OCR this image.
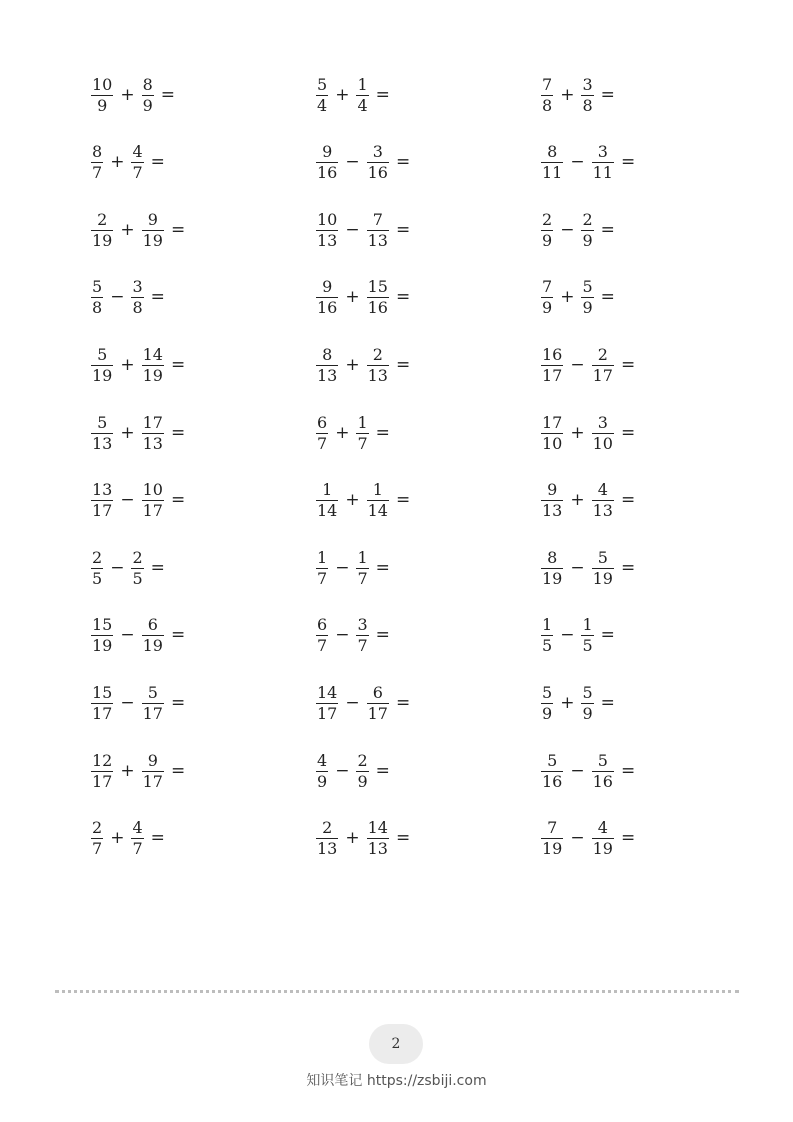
$\frac{10}{9} + \frac{8}{9}$ =	$\frac{5}{4} + \frac{1}{4}$ =	$\frac{7}{8} + \frac{3}{8}$ =
$\frac{8}{7} + \frac{4}{7}$ =	$\frac{9}{16} - \frac{3}{16}$ =	$\frac{8}{11} - \frac{3}{11}$ =
$\frac{2}{19} + \frac{9}{19}$ =	$\frac{10}{13} - \frac{7}{13}$ =	$\frac{2}{9} - \frac{2}{9}$ =
$\frac{5}{8} - \frac{3}{8}$ =	$\frac{9}{16} + \frac{15}{16}$ =	$\frac{7}{9} + \frac{5}{9}$ =
$\frac{5}{19} + \frac{14}{19}$ =	$\frac{8}{13} + \frac{2}{13}$ =	$\frac{16}{17} - \frac{2}{17}$ =
$\frac{5}{13} + \frac{17}{13}$ =	$\frac{6}{7} + \frac{1}{7}$ =	$\frac{17}{10} + \frac{3}{10}$ =
$\frac{13}{17} - \frac{10}{17}$ =	$\frac{1}{14} + \frac{1}{14}$ =	$\frac{9}{13} + \frac{4}{13}$ =
$\frac{2}{5} - \frac{2}{5}$ =	$\frac{1}{7} - \frac{1}{7}$ =	$\frac{8}{19} - \frac{5}{19}$ =
$\frac{15}{19} - \frac{6}{19}$ =	$\frac{6}{7} - \frac{3}{7}$ =	$\frac{1}{5} - \frac{1}{5}$ =
$\frac{15}{17} - \frac{5}{17}$ =	$\frac{14}{17} - \frac{6}{17}$ =	$\frac{5}{9} + \frac{5}{9}$ =
$\frac{12}{17} + \frac{9}{17}$ =	$\frac{4}{9} - \frac{2}{9}$ =	$\frac{5}{16} - \frac{5}{16}$ =
$\frac{2}{7} + \frac{4}{7}$ =	$\frac{2}{13} + \frac{14}{13}$ =	$\frac{7}{19} - \frac{4}{19}$ =
2
知识笔记 https://zsbiji.com
